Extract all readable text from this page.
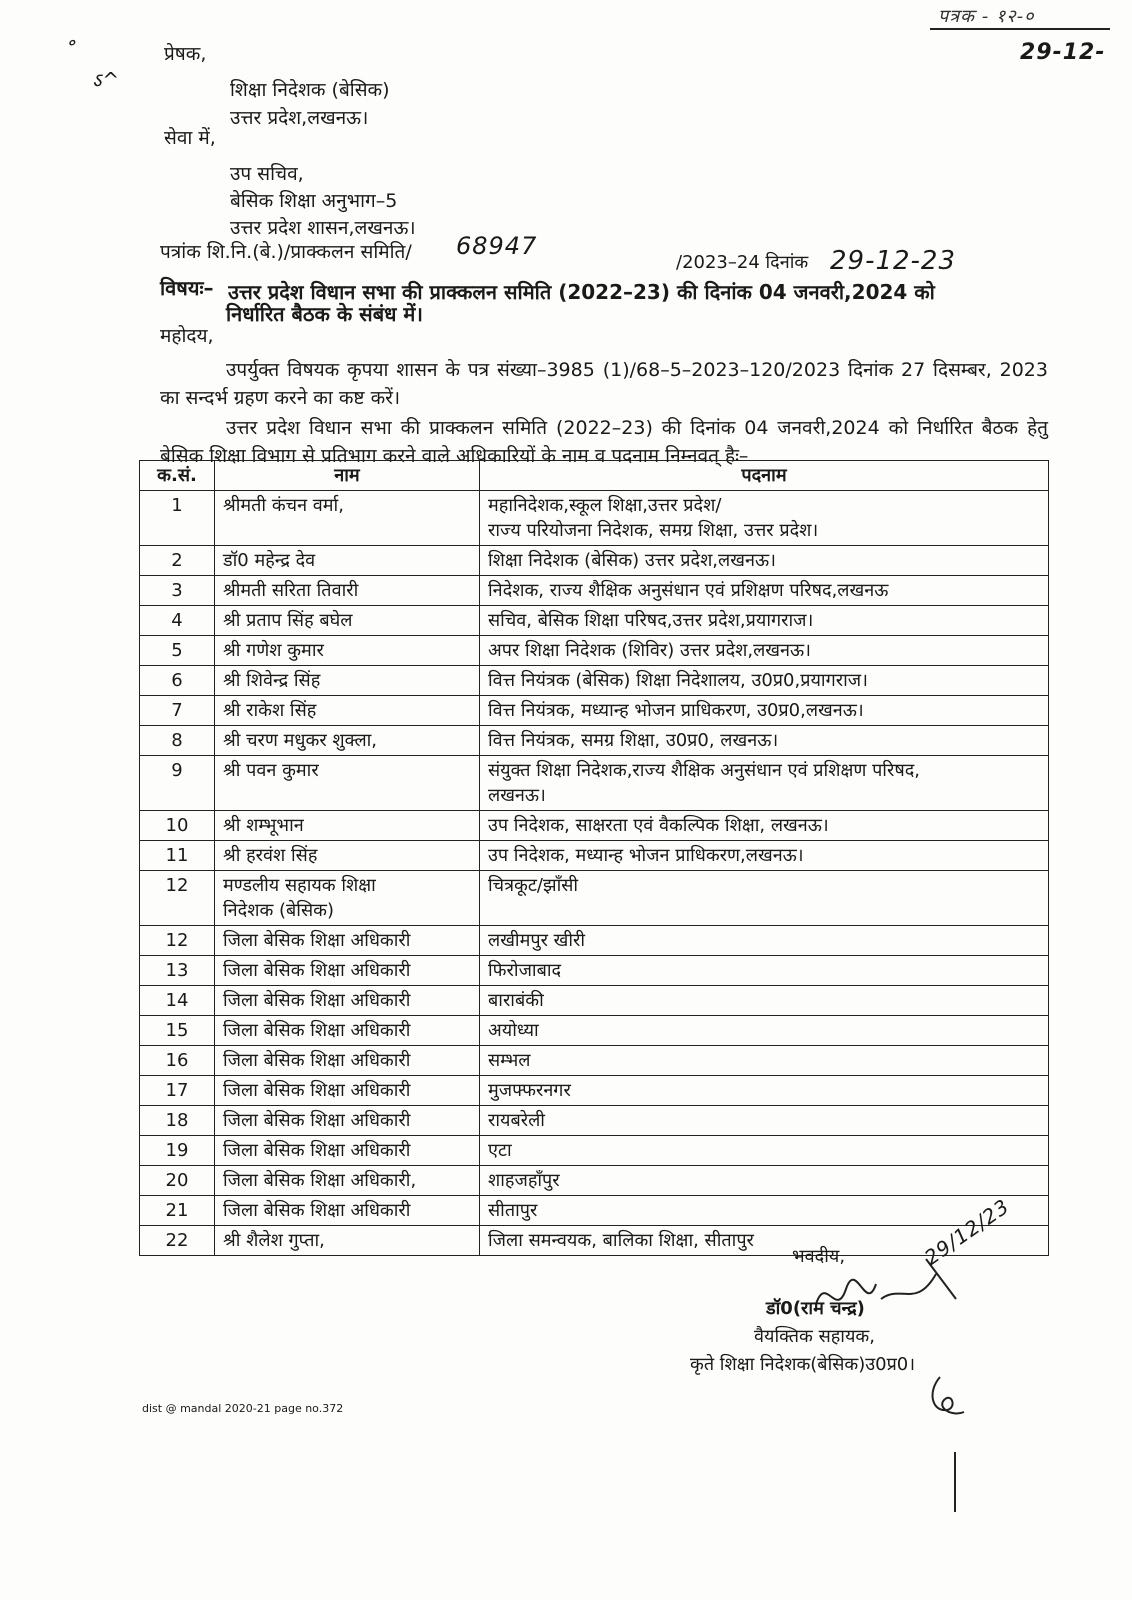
पत्रक - १२-०
29-12-
॰
ऽ^
प्रेषक,
शिक्षा निदेशक (बेसिक)
उत्तर प्रदेश,लखनऊ।
सेवा में,
उप सचिव,
बेसिक शिक्षा अनुभाग–5
उत्तर प्रदेश शासन,लखनऊ।
पत्रांक शि.नि.(बे.)/प्राक्कलन समिति/ 68947
/2023–24 दिनांक 29-12-23
विषयः– उत्तर प्रदेश विधान सभा की प्राक्कलन समिति (2022–23) की दिनांक 04 जनवरी,2024 को
निर्धारित बैठक के संबंध में।
महोदय,
उपर्युक्त विषयक कृपया शासन के पत्र संख्या–3985 (1)/68–5–2023–120/2023 दिनांक 27 दिसम्बर, 2023 का सन्दर्भ ग्रहण करने का कष्ट करें।
उत्तर प्रदेश विधान सभा की प्राक्कलन समिति (2022–23) की दिनांक 04 जनवरी,2024 को निर्धारित बैठक हेतु बेसिक शिक्षा विभाग से प्रतिभाग करने वाले अधिकारियों के नाम व पदनाम निम्नवत् हैः–
क.सं.	नाम	पदनाम
1	श्रीमती कंचन वर्मा,	महानिदेशक,स्कूल शिक्षा,उत्तर प्रदेश/
राज्य परियोजना निदेशक, समग्र शिक्षा, उत्तर प्रदेश।

2	डॉ0 महेन्द्र देव	शिक्षा निदेशक (बेसिक) उत्तर प्रदेश,लखनऊ।
3	श्रीमती सरिता तिवारी	निदेशक, राज्य शैक्षिक अनुसंधान एवं प्रशिक्षण परिषद,लखनऊ
4	श्री प्रताप सिंह बघेल	सचिव, बेसिक शिक्षा परिषद,उत्तर प्रदेश,प्रयागराज।
5	श्री गणेश कुमार	अपर शिक्षा निदेशक (शिविर) उत्तर प्रदेश,लखनऊ।
6	श्री शिवेन्द्र सिंह	वित्त नियंत्रक (बेसिक) शिक्षा निदेशालय, उ0प्र0,प्रयागराज।
7	श्री राकेश सिंह	वित्त नियंत्रक, मध्यान्ह भोजन प्राधिकरण, उ0प्र0,लखनऊ।
8	श्री चरण मधुकर शुक्ला,	वित्त नियंत्रक, समग्र शिक्षा, उ0प्र0, लखनऊ।
9	श्री पवन कुमार	संयुक्त शिक्षा निदेशक,राज्य शैक्षिक अनुसंधान एवं प्रशिक्षण परिषद,
लखनऊ।

10	श्री शम्भूभान	उप निदेशक, साक्षरता एवं वैकल्पिक शिक्षा, लखनऊ।
11	श्री हरवंश सिंह	उप निदेशक, मध्यान्ह भोजन प्राधिकरण,लखनऊ।
12	मण्डलीय सहायक शिक्षा
निदेशक (बेसिक)	चित्रकूट/झाँसी
12	जिला बेसिक शिक्षा अधिकारी	लखीमपुर खीरी
13	जिला बेसिक शिक्षा अधिकारी	फिरोजाबाद
14	जिला बेसिक शिक्षा अधिकारी	बाराबंकी
15	जिला बेसिक शिक्षा अधिकारी	अयोध्या
16	जिला बेसिक शिक्षा अधिकारी	सम्भल
17	जिला बेसिक शिक्षा अधिकारी	मुजफ्फरनगर
18	जिला बेसिक शिक्षा अधिकारी	रायबरेली
19	जिला बेसिक शिक्षा अधिकारी	एटा
20	जिला बेसिक शिक्षा अधिकारी,	शाहजहाँपुर
21	जिला बेसिक शिक्षा अधिकारी	सीतापुर
22	श्री शैलेश गुप्ता,	जिला समन्वयक, बालिका शिक्षा, सीतापुर
भवदीय,	29/12/23
डॉ0(राम चन्द्र)
वैयक्तिक सहायक,
कृते शिक्षा निदेशक(बेसिक)उ0प्र0।
dist @ mandal 2020-21 page no.372
